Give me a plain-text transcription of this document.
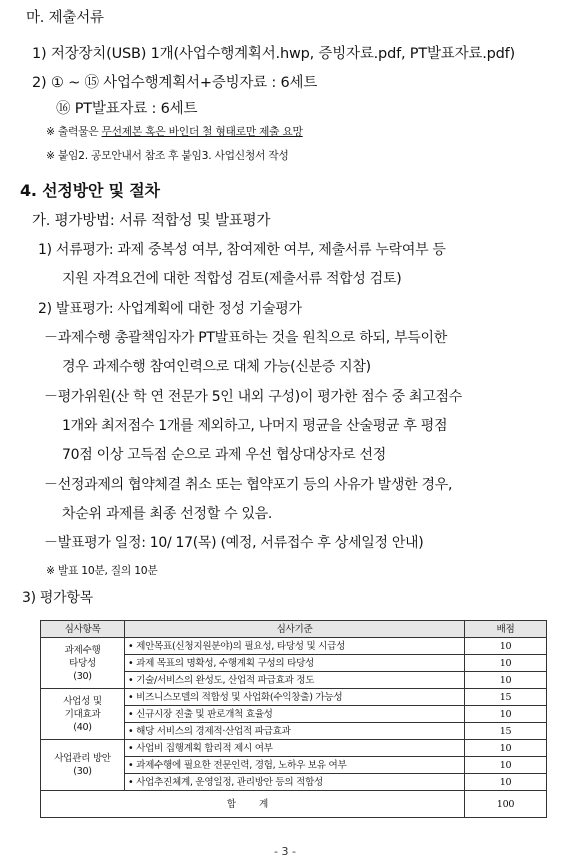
마. 제출서류
1) 저장장치(USB) 1개(사업수행계획서.hwp, 증빙자료.pdf, PT발표자료.pdf)
2) ① ~ ⑮ 사업수행계획서+증빙자료 : 6세트
⑯ PT발표자료 : 6세트
※ 출력물은 무선제본 혹은 바인더 철 형태로만 제출 요망
※ 붙임2. 공모안내서 참조 후 붙임3. 사업신청서 작성
4. 선정방안 및 절차
가. 평가방법: 서류 적합성 및 발표평가
1) 서류평가: 과제 중복성 여부, 참여제한 여부, 제출서류 누락여부 등
지원 자격요건에 대한 적합성 검토(제출서류 적합성 검토)
2) 발표평가: 사업계획에 대한 정성 기술평가
－과제수행 총괄책임자가 PT발표하는 것을 원칙으로 하되, 부득이한
경우 과제수행 참여인력으로 대체 가능(신분증 지참)
－평가위원(산 학 연 전문가 5인 내외 구성)이 평가한 점수 중 최고점수
1개와 최저점수 1개를 제외하고, 나머지 평균을 산술평균 후 평점
70점 이상 고득점 순으로 과제 우선 협상대상자로 선정
－선정과제의 협약체결 취소 또는 협약포기 등의 사유가 발생한 경우,
차순위 과제를 최종 선정할 수 있음.
－발표평가 일정: 10/ 17(목) (예정, 서류접수 후 상세일정 안내)
※ 발표 10분, 질의 10분
3) 평가항목
심사항목	심사기준	배점
과제수행
타당성
(30)	• 제안목표(신청지원분야)의 필요성, 타당성 및 시급성	10
	• 과제 목표의 명확성, 수행계획 구성의 타당성	10
	• 기술/서비스의 완성도, 산업적 파급효과 정도	10
사업성 및
기대효과
(40)	• 비즈니스모델의 적합성 및 사업화(수익창출) 가능성	15
	• 신규시장 진출 및 판로개척 효율성	10
	• 해당 서비스의 경제적·산업적 파급효과	15
사업관리 방안
(30)	• 사업비 집행계획 합리적 제시 여부	10
	• 과제수행에 필요한 전문인력, 경험, 노하우 보유 여부	10
	• 사업추진체계, 운영일정, 관리방안 등의 적합성	10
합 계		100
- 3 -
